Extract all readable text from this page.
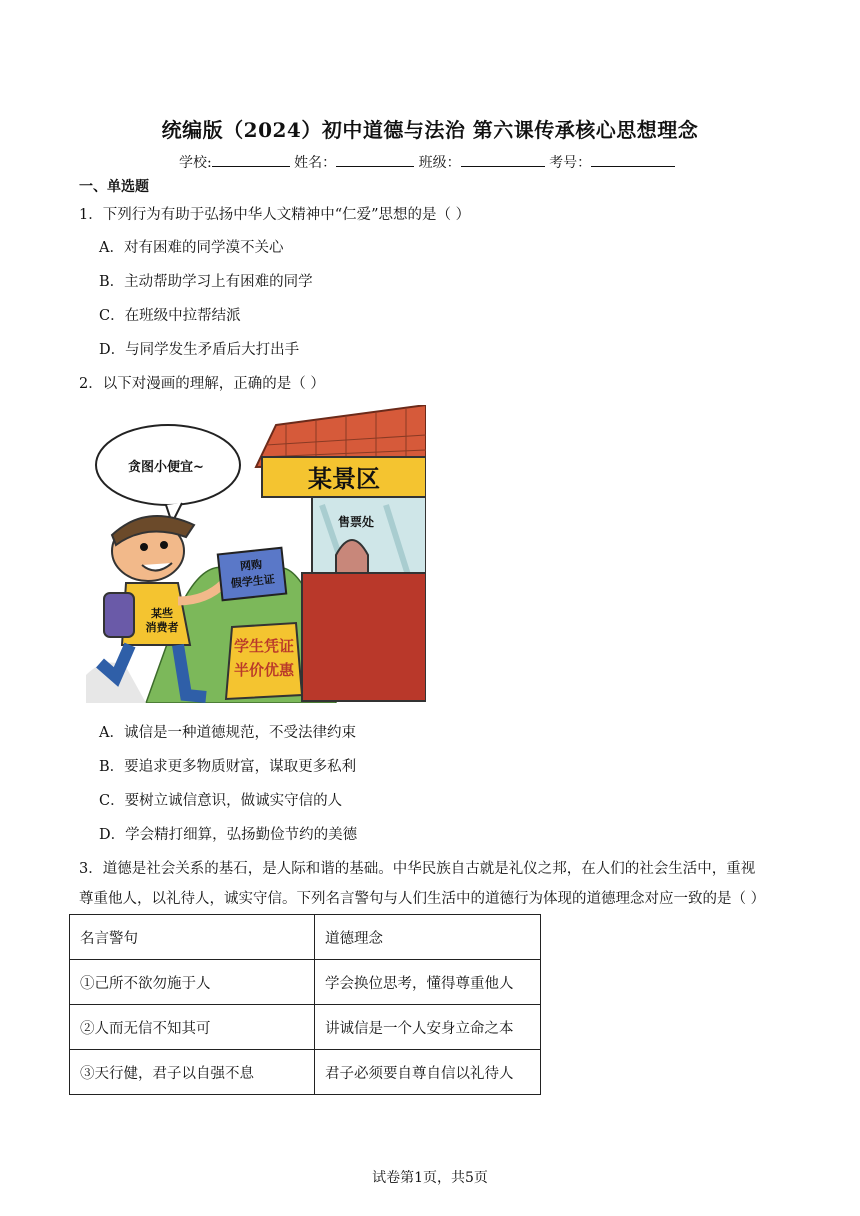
统编版（2024）初中道德与法治 第六课传承核心思想理念
学校:	姓名：	班级：	考号：
一、单选题
1．下列行为有助于弘扬中华人文精神中“仁爱”思想的是（ ）
A．对有困难的同学漠不关心
B．主动帮助学习上有困难的同学
C．在班级中拉帮结派
D．与同学发生矛盾后大打出手
2．以下对漫画的理解，正确的是（ ）
某景区
售票处
贪图小便宜~
某些
消费者
网购
假学生证
学生凭证
半价优惠
A．诚信是一种道德规范，不受法律约束
B．要追求更多物质财富，谋取更多私利
C．要树立诚信意识，做诚实守信的人
D．学会精打细算，弘扬勤俭节约的美德
3．道德是社会关系的基石，是人际和谐的基础。中华民族自古就是礼仪之邦，在人们的社会生活中，重视
尊重他人，以礼待人，诚实守信。下列名言警句与人们生活中的道德行为体现的道德理念对应一致的是（ ）
名言警句	道德理念
①己所不欲勿施于人	学会换位思考，懂得尊重他人
②人而无信不知其可	讲诚信是一个人安身立命之本
③天行健，君子以自强不息	君子必须要自尊自信以礼待人
试卷第1页，共5页
